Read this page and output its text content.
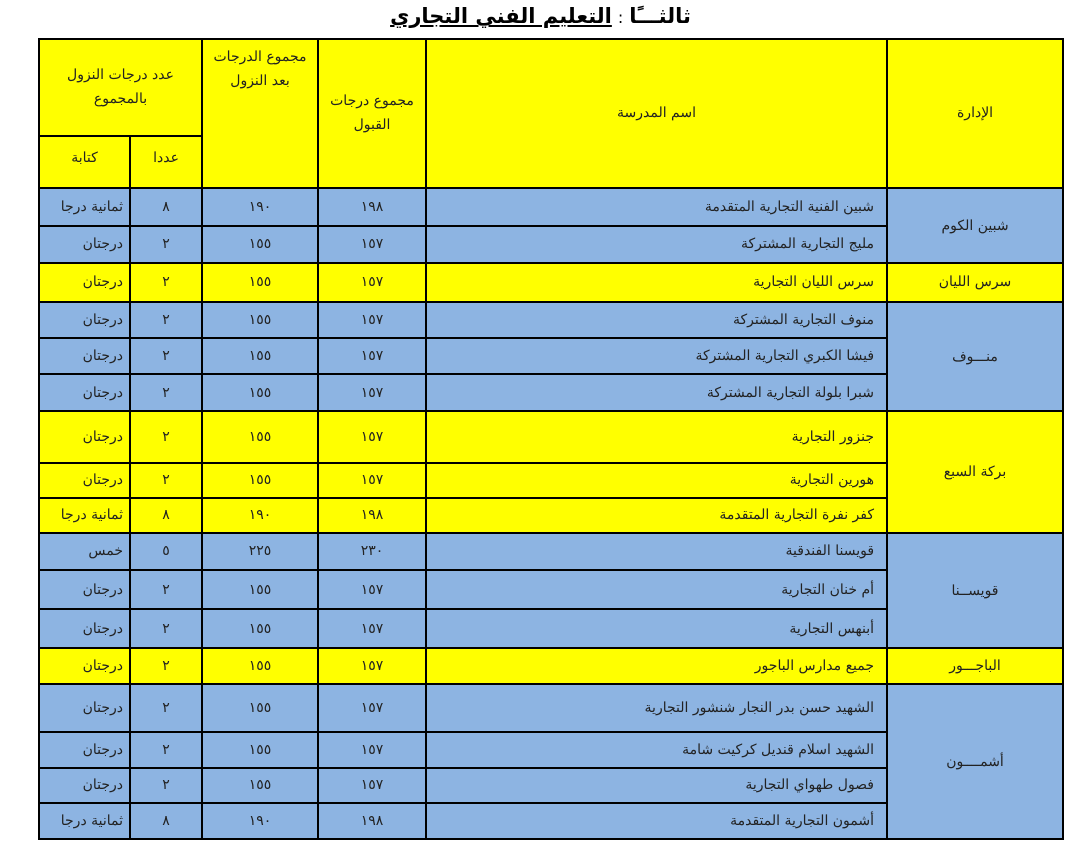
ثالثـــًا:التعليم الفني التجاري
الإدارة	اسم المدرسة	مجموع درجات القبول	مجموع الدرجات بعد النزول	عدد درجات النزول بالمجموع	
				عددا	كتابة
شبين الكوم	شبين الفنية التجارية المتقدمة	١٩٨	١٩٠	٨	ثمانية درجا
	مليج التجارية المشتركة	١٥٧	١٥٥	٢	درجتان
سرس الليان	سرس الليان التجارية	١٥٧	١٥٥	٢	درجتان
منـــوف	منوف التجارية المشتركة	١٥٧	١٥٥	٢	درجتان
	فيشا الكبري التجارية المشتركة	١٥٧	١٥٥	٢	درجتان
	شبرا بلولة التجارية المشتركة	١٥٧	١٥٥	٢	درجتان
بركة السبع	جنزور التجارية	١٥٧	١٥٥	٢	درجتان
	هورين التجارية	١٥٧	١٥٥	٢	درجتان
	كفر نفرة التجارية المتقدمة	١٩٨	١٩٠	٨	ثمانية درجا
قويســنا	قويسنا الفندقية	٢٣٠	٢٢٥	٥	خمس
	أم خنان التجارية	١٥٧	١٥٥	٢	درجتان
	أبنهس التجارية	١٥٧	١٥٥	٢	درجتان
الباجـــور	جميع مدارس الباجور	١٥٧	١٥٥	٢	درجتان
أشمــــون	الشهيد حسن بدر النجار شنشور التجارية	١٥٧	١٥٥	٢	درجتان
	الشهيد اسلام قنديل كركيت شامة	١٥٧	١٥٥	٢	درجتان
	فصول طهواي التجارية	١٥٧	١٥٥	٢	درجتان
	أشمون التجارية المتقدمة	١٩٨	١٩٠	٨	ثمانية درجا
